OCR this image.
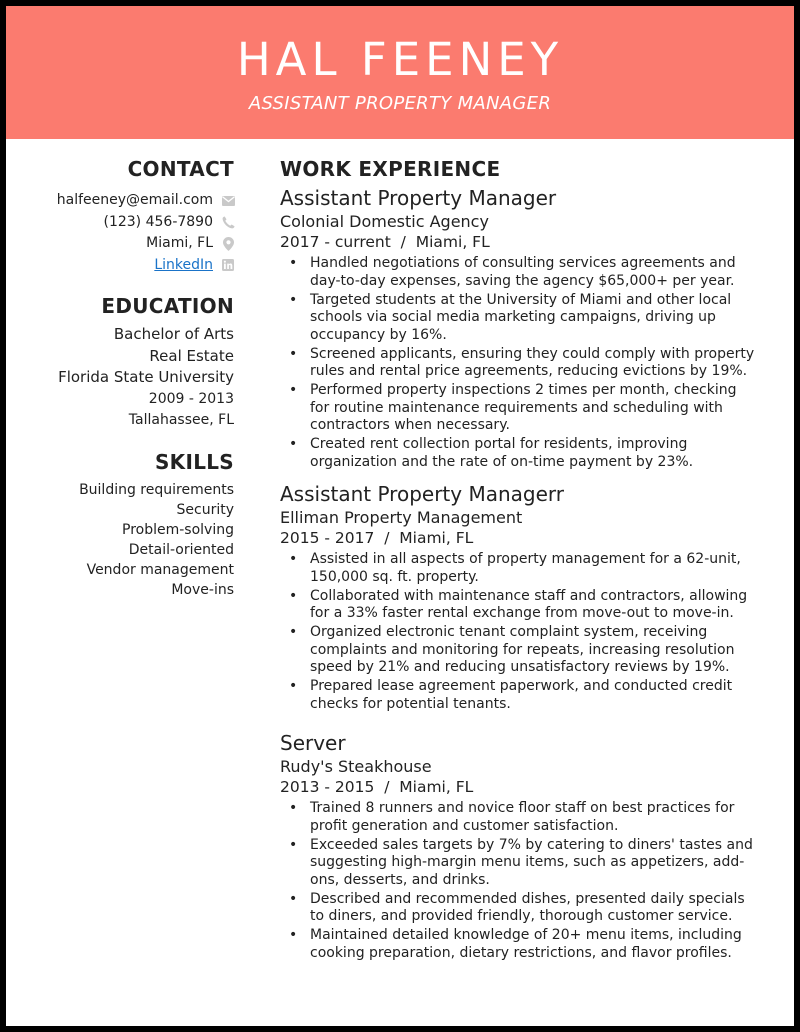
HAL FEENEY
ASSISTANT PROPERTY MANAGER
CONTACT
halfeeney@email.com
(123) 456-7890
Miami, FL
LinkedIn
EDUCATION
Bachelor of Arts
Real Estate
Florida State University
2009 - 2013
Tallahassee, FL
SKILLS
Building requirements
Security
Problem-solving
Detail-oriented
Vendor management
Move-ins
WORK EXPERIENCE
Assistant Property Manager
Colonial Domestic Agency
2017 - current  /  Miami, FL
• Handled negotiations of consulting services agreements and day-to-day expenses, saving the agency $65,000+ per year.
• Targeted students at the University of Miami and other local schools via social media marketing campaigns, driving up occupancy by 16%.
• Screened applicants, ensuring they could comply with property rules and rental price agreements, reducing evictions by 19%.
• Performed property inspections 2 times per month, checking for routine maintenance requirements and scheduling with contractors when necessary.
• Created rent collection portal for residents, improving organization and the rate of on-time payment by 23%.
Assistant Property Managerr
Elliman Property Management
2015 - 2017  /  Miami, FL
• Assisted in all aspects of property management for a 62-unit, 150,000 sq. ft. property.
• Collaborated with maintenance staff and contractors, allowing for a 33% faster rental exchange from move-out to move-in.
• Organized electronic tenant complaint system, receiving complaints and monitoring for repeats, increasing resolution speed by 21% and reducing unsatisfactory reviews by 19%.
• Prepared lease agreement paperwork, and conducted credit checks for potential tenants.
Server
Rudy's Steakhouse
2013 - 2015  /  Miami, FL
• Trained 8 runners and novice floor staff on best practices for profit generation and customer satisfaction.
• Exceeded sales targets by 7% by catering to diners' tastes and suggesting high-margin menu items, such as appetizers, add-ons, desserts, and drinks.
• Described and recommended dishes, presented daily specials to diners, and provided friendly, thorough customer service.
• Maintained detailed knowledge of 20+ menu items, including cooking preparation, dietary restrictions, and flavor profiles.
